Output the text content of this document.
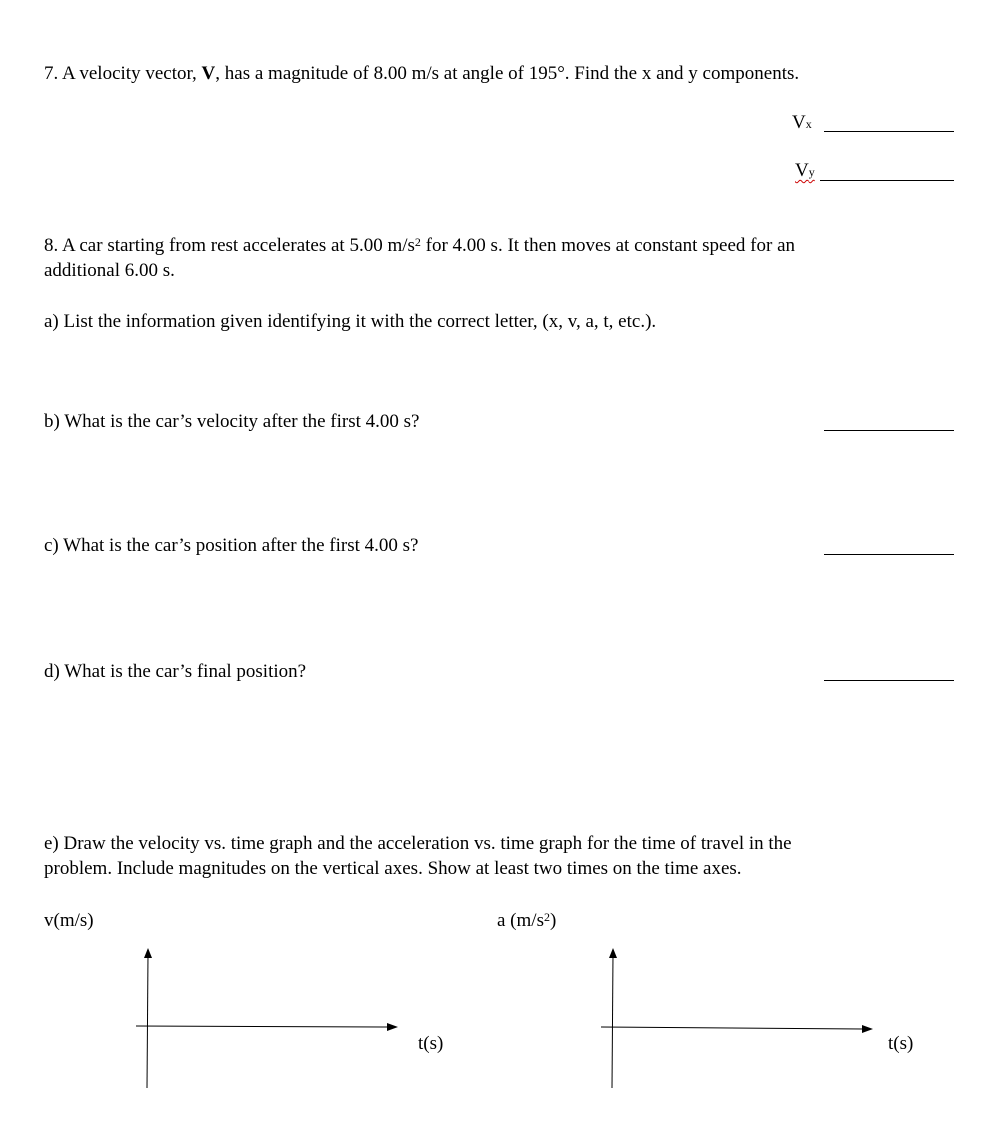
7. A velocity vector, V, has a magnitude of 8.00 m/s at angle of 195°. Find the x and y components.
Vx
Vy
8. A car starting from rest accelerates at 5.00 $m/s^2$ for 4.00 s. It then moves at constant speed for an
additional 6.00 s.
a) List the information given identifying it with the correct letter, (x, v, a, t, etc.).
b) What is the car’s velocity after the first 4.00 s?
c) What is the car’s position after the first 4.00 s?
d) What is the car’s final position?
e) Draw the velocity vs. time graph and the acceleration vs. time graph for the time of travel in the
problem. Include magnitudes on the vertical axes. Show at least two times on the time axes.
v(m/s)	a $(m/s^2)$
t(s)	t(s)
